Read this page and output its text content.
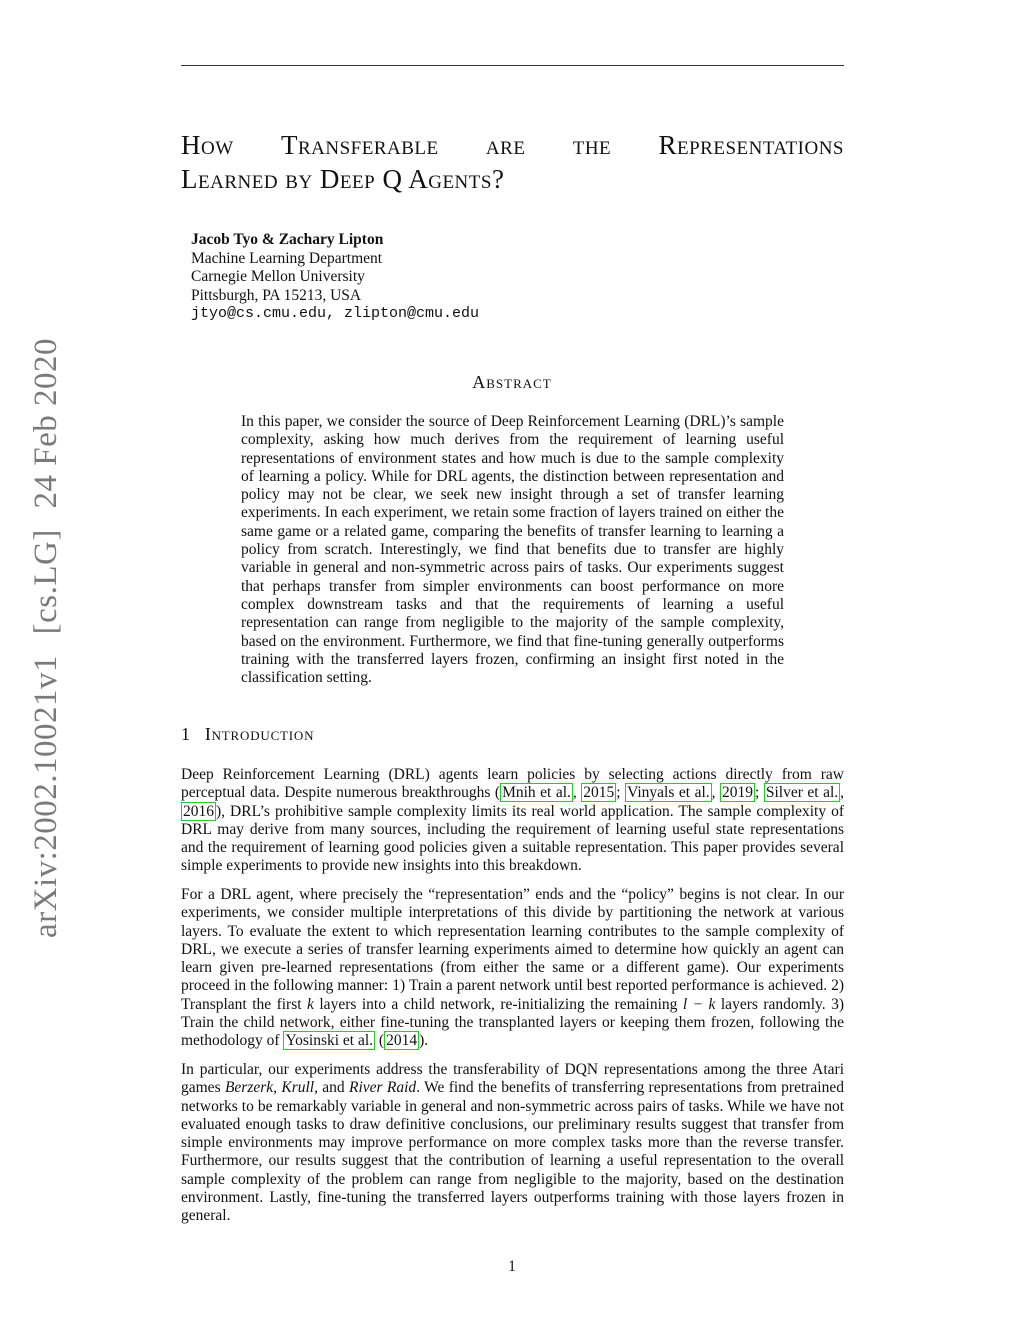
arXiv:2002.10021v1
[cs.LG]
24 Feb 2020
How Transferable are the Representations
Learned by Deep Q Agents?
Jacob Tyo & Zachary Lipton
Machine Learning Department
Carnegie Mellon University
Pittsburgh, PA 15213, USA
jtyo@cs.cmu.edu, zlipton@cmu.edu
Abstract

In this paper, we consider the source of Deep Reinforcement Learning (DRL)’s sample complexity, asking how much derives from the requirement of learning useful representations of environment states and how much is due to the sample complexity of learning a policy. While for DRL agents, the distinction between representation and policy may not be clear, we seek new insight through a set of transfer learning experiments. In each experiment, we retain some fraction of layers trained on either the same game or a related game, comparing the benefits of transfer learning to learning a policy from scratch. Interestingly, we find that benefits due to transfer are highly variable in general and non-symmetric across pairs of tasks. Our experiments suggest that perhaps transfer from simpler environments can boost performance on more complex downstream tasks and that the requirements of learning a useful representation can range from negligible to the majority of the sample complexity, based on the environment. Furthermore, we find that fine-tuning generally outperforms training with the transferred layers frozen, confirming an insight first noted in the classification setting.

1 Introduction

Deep Reinforcement Learning (DRL) agents learn policies by selecting actions directly from raw perceptual data. Despite numerous breakthroughs ( Mnih et al. , 2015 ; Vinyals et al. , 2019 ; Silver et al. , 2016 ), DRL’s prohibitive sample complexity limits its real world application. The sample complexity of DRL may derive from many sources, including the requirement of learning useful state representations and the requirement of learning good policies given a suitable representation. This paper provides several simple experiments to provide new insights into this breakdown.

For a DRL agent, where precisely the “representation” ends and the “policy” begins is not clear. In our experiments, we consider multiple interpretations of this divide by partitioning the network at various layers. To evaluate the extent to which representation learning contributes to the sample complexity of DRL, we execute a series of transfer learning experiments aimed to determine how quickly an agent can learn given pre-learned representations (from either the same or a different game). Our experiments proceed in the following manner: 1) Train a parent network until best reported performance is achieved. 2) Transplant the first k layers into a child network, re-initializing the remaining l − k layers randomly. 3) Train the child network, either fine-tuning the transplanted layers or keeping them frozen, following the methodology of Yosinski et al. ( 2014 ).

In particular, our experiments address the transferability of DQN representations among the three Atari games Berzerk, Krull, and River Raid. We find the benefits of transferring representations from pretrained networks to be remarkably variable in general and non-symmetric across pairs of tasks. While we have not evaluated enough tasks to draw definitive conclusions, our preliminary results suggest that transfer from simple environments may improve performance on more complex tasks more than the reverse transfer. Furthermore, our results suggest that the contribution of learning a useful representation to the overall sample complexity of the problem can range from negligible to the majority, based on the destination environment. Lastly, fine-tuning the transferred layers outperforms training with those layers frozen in general.

1
